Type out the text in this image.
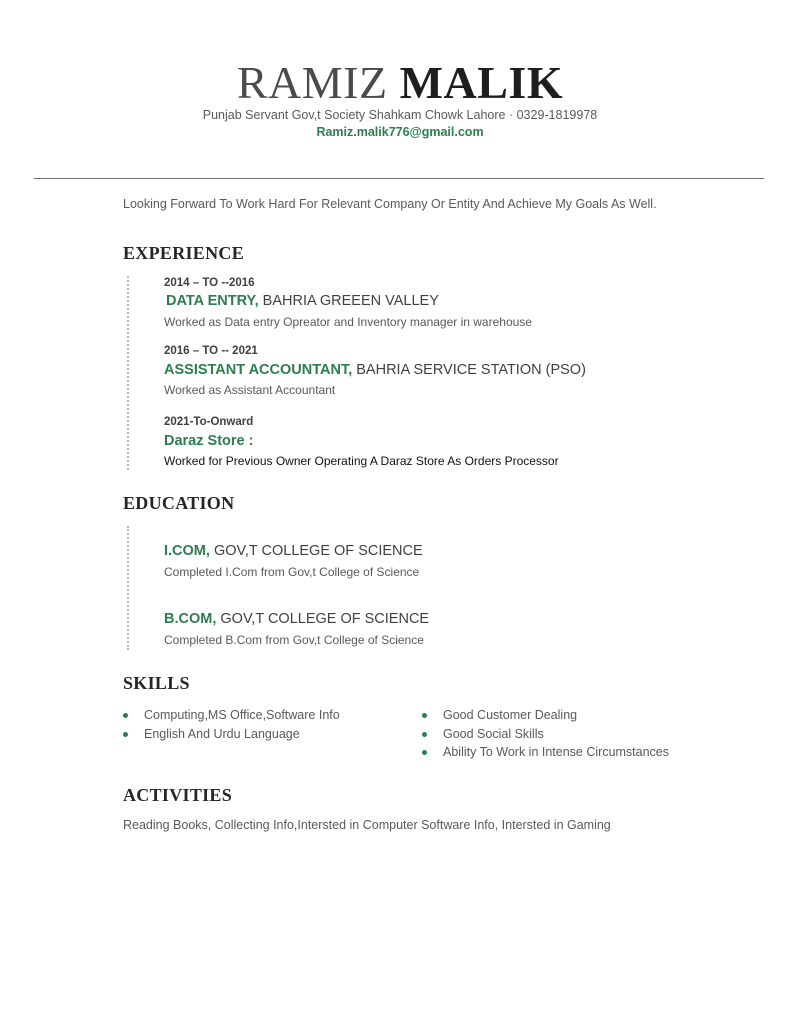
RAMIZ MALIK
Punjab Servant Gov,t Society Shahkam Chowk Lahore · 0329-1819978
Ramiz.malik776@gmail.com
Looking Forward To Work Hard For Relevant Company Or Entity And Achieve My Goals As Well.
EXPERIENCE
2014 – TO --2016
DATA ENTRY, BAHRIA GREEEN VALLEY
Worked as Data entry Opreator and Inventory manager in warehouse
2016 – TO -- 2021
ASSISTANT ACCOUNTANT, BAHRIA SERVICE STATION (PSO)
Worked as Assistant Accountant
2021-To-Onward
Daraz Store :
Worked for Previous Owner Operating A Daraz Store As Orders Processor
EDUCATION
I.COM, GOV,T COLLEGE OF SCIENCE
Completed I.Com from Gov,t College of Science
B.COM, GOV,T COLLEGE OF SCIENCE
Completed B.Com from Gov,t College of Science
SKILLS
Computing,MS Office,Software Info
English And Urdu Language
Good Customer Dealing
Good Social Skills
Ability To Work in Intense Circumstances
ACTIVITIES
Reading Books, Collecting Info,Intersted in Computer Software Info, Intersted in Gaming
